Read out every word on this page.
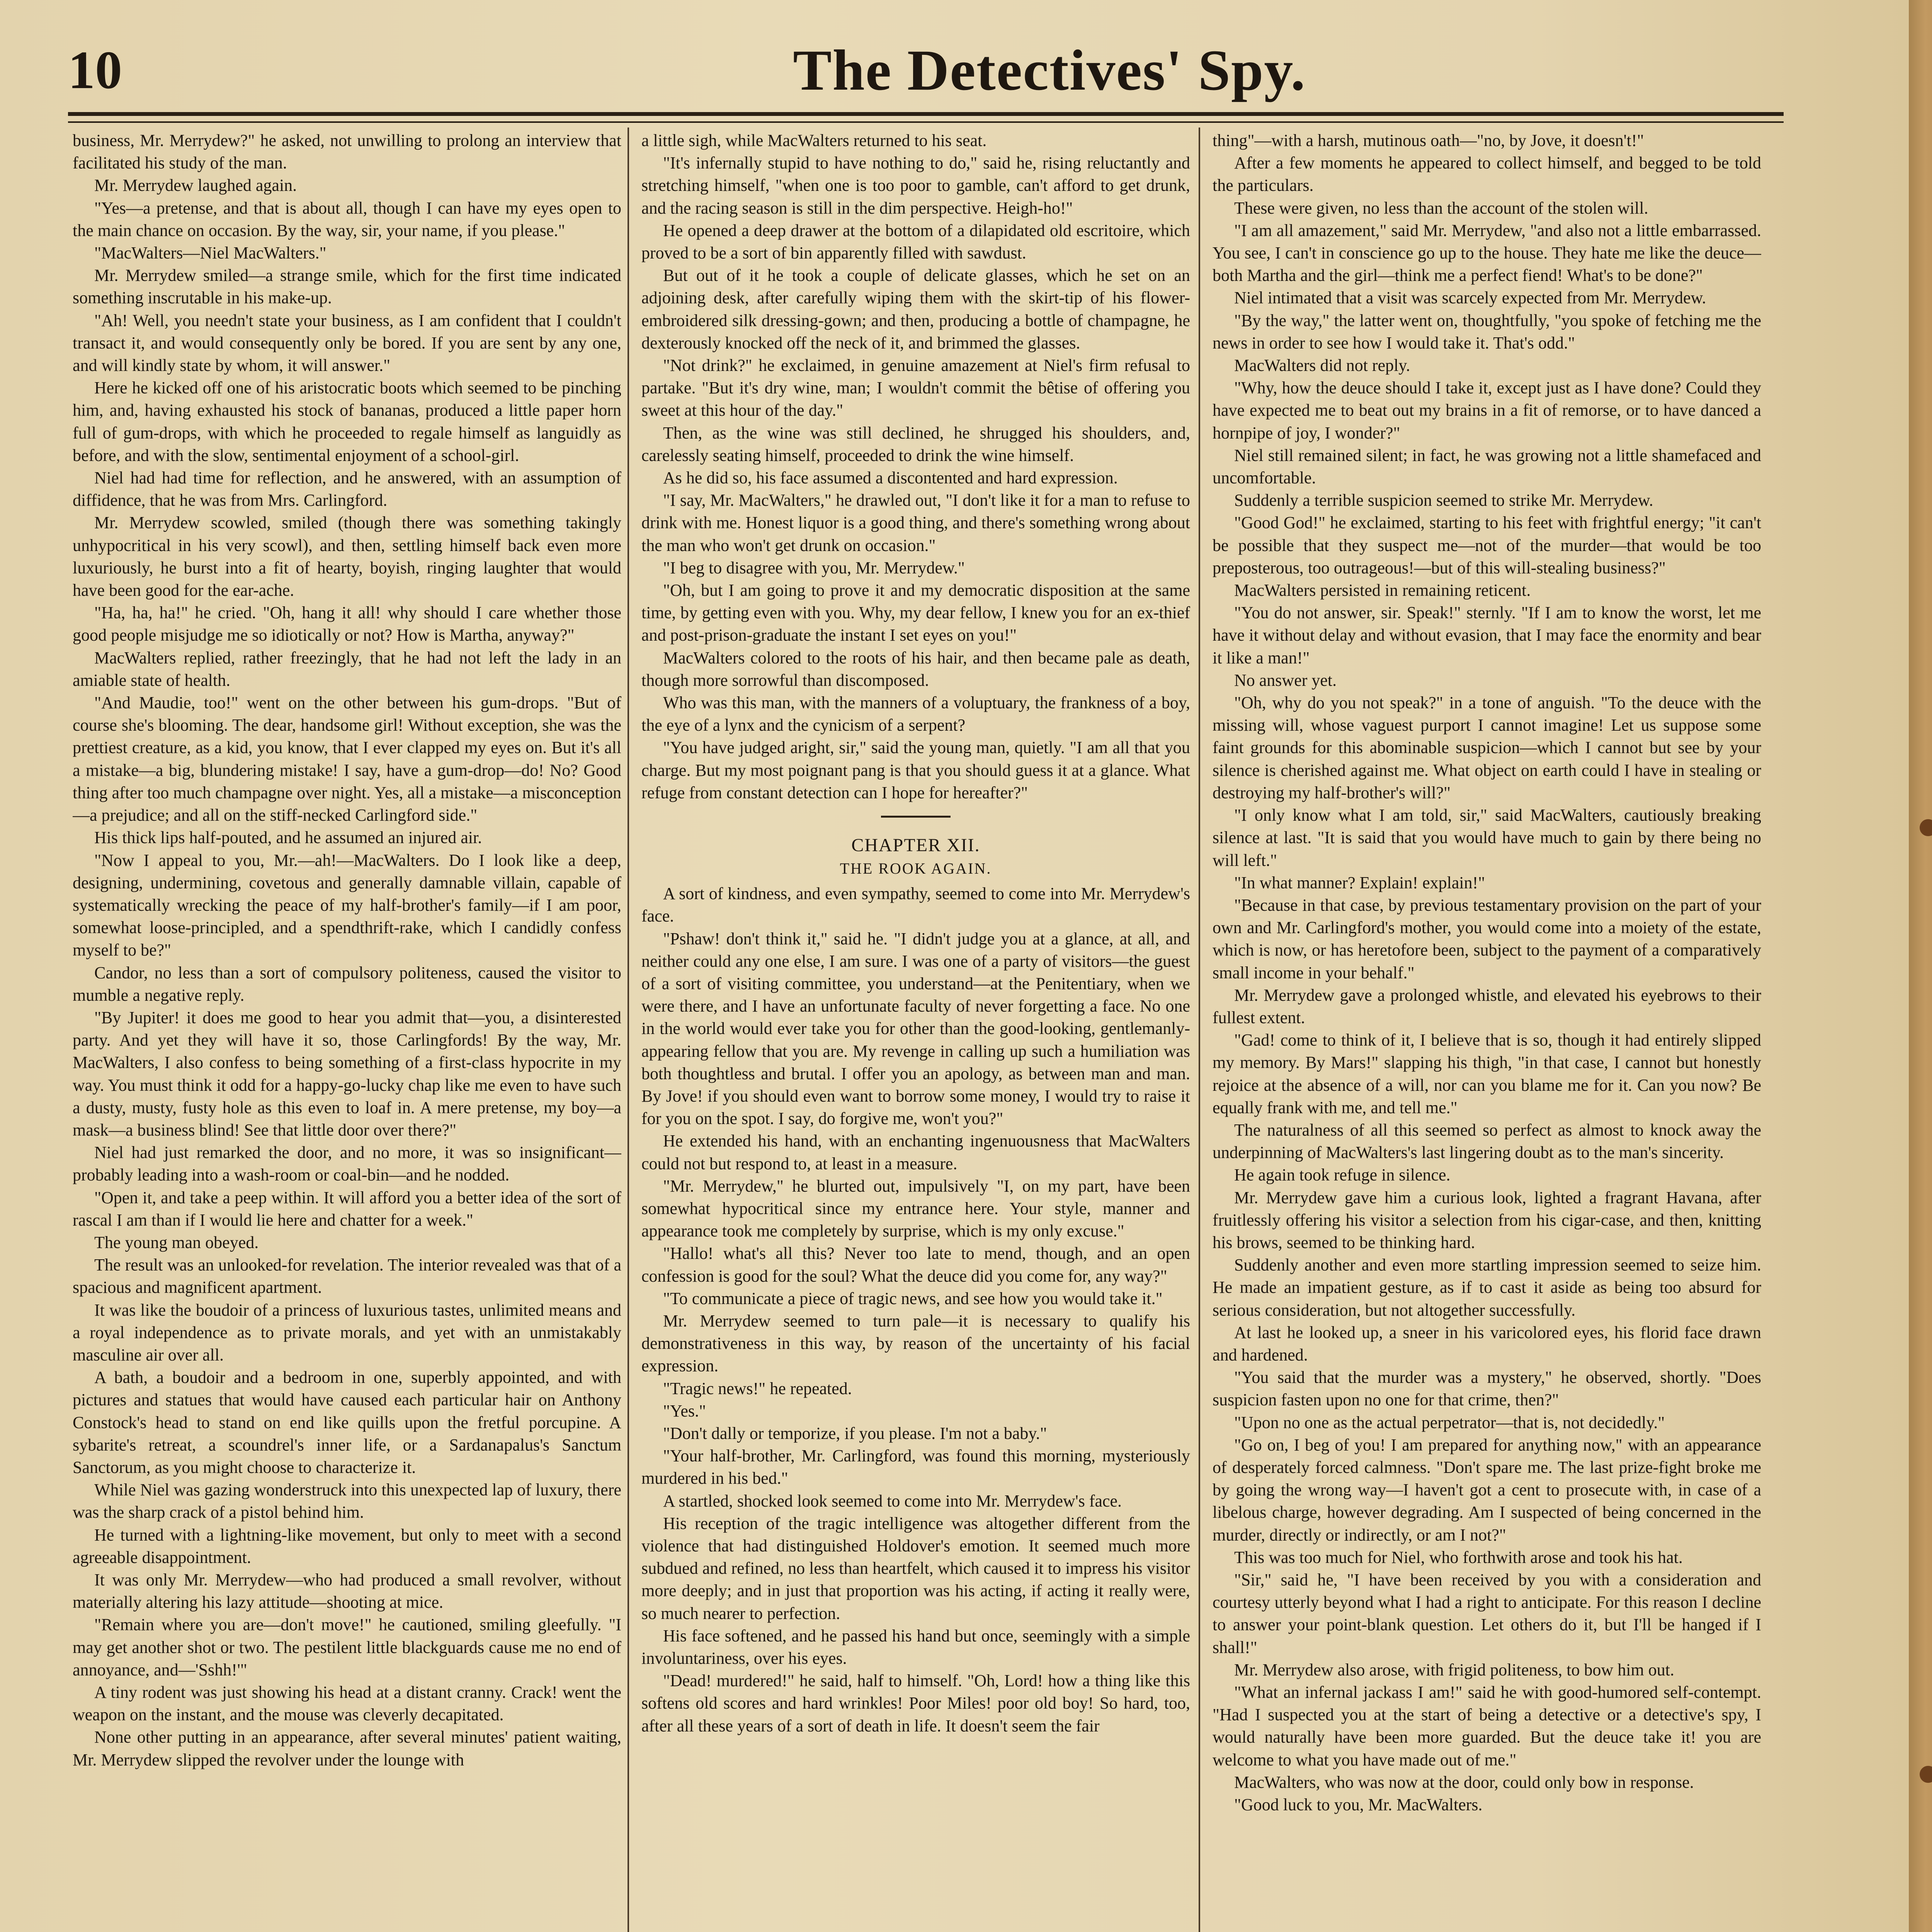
10	The Detectives' Spy.

business, Mr. Merrydew?" he asked, not unwilling to prolong an interview that facilitated his study of the man.

Mr. Merrydew laughed again.

"Yes—a pretense, and that is about all, though I can have my eyes open to the main chance on occasion. By the way, sir, your name, if you please."

"MacWalters—Niel MacWalters."

Mr. Merrydew smiled—a strange smile, which for the first time indicated something inscrutable in his make-up.

"Ah! Well, you needn't state your business, as I am confident that I couldn't transact it, and would consequently only be bored. If you are sent by any one, and will kindly state by whom, it will answer."

Here he kicked off one of his aristocratic boots which seemed to be pinching him, and, having exhausted his stock of bananas, produced a little paper horn full of gum-drops, with which he proceeded to regale himself as languidly as before, and with the slow, sentimental enjoyment of a school-girl.

Niel had had time for reflection, and he answered, with an assumption of diffidence, that he was from Mrs. Carlingford.

Mr. Merrydew scowled, smiled (though there was something takingly unhypocritical in his very scowl), and then, settling himself back even more luxuriously, he burst into a fit of hearty, boyish, ringing laughter that would have been good for the ear-ache.

"Ha, ha, ha!" he cried. "Oh, hang it all! why should I care whether those good people misjudge me so idiotically or not? How is Martha, anyway?"

MacWalters replied, rather freezingly, that he had not left the lady in an amiable state of health.

"And Maudie, too!" went on the other between his gum-drops. "But of course she's blooming. The dear, handsome girl! Without exception, she was the prettiest creature, as a kid, you know, that I ever clapped my eyes on. But it's all a mistake—a big, blundering mistake! I say, have a gum-drop—do! No? Good thing after too much champagne over night. Yes, all a mistake—a misconception—a prejudice; and all on the stiff-necked Carlingford side."

His thick lips half-pouted, and he assumed an injured air.

"Now I appeal to you, Mr.—ah!—MacWalters. Do I look like a deep, designing, undermining, covetous and generally damnable villain, capable of systematically wrecking the peace of my half-brother's family—if I am poor, somewhat loose-principled, and a spendthrift-rake, which I candidly confess myself to be?"

Candor, no less than a sort of compulsory politeness, caused the visitor to mumble a negative reply.

"By Jupiter! it does me good to hear you admit that—you, a disinterested party. And yet they will have it so, those Carlingfords! By the way, Mr. MacWalters, I also confess to being something of a first-class hypocrite in my way. You must think it odd for a happy-go-lucky chap like me even to have such a dusty, musty, fusty hole as this even to loaf in. A mere pretense, my boy—a mask—a business blind! See that little door over there?"

Niel had just remarked the door, and no more, it was so insignificant—probably leading into a wash-room or coal-bin—and he nodded.

"Open it, and take a peep within. It will afford you a better idea of the sort of rascal I am than if I would lie here and chatter for a week."

The young man obeyed.

The result was an unlooked-for revelation. The interior revealed was that of a spacious and magnificent apartment.

It was like the boudoir of a princess of luxurious tastes, unlimited means and a royal independence as to private morals, and yet with an unmistakably masculine air over all.

A bath, a boudoir and a bedroom in one, superbly appointed, and with pictures and statues that would have caused each particular hair on Anthony Constock's head to stand on end like quills upon the fretful porcupine. A sybarite's retreat, a scoundrel's inner life, or a Sardanapalus's Sanctum Sanctorum, as you might choose to characterize it.

While Niel was gazing wonderstruck into this unexpected lap of luxury, there was the sharp crack of a pistol behind him.

He turned with a lightning-like movement, but only to meet with a second agreeable disappointment.

It was only Mr. Merrydew—who had produced a small revolver, without materially altering his lazy attitude—shooting at mice.

"Remain where you are—don't move!" he cautioned, smiling gleefully. "I may get another shot or two. The pestilent little blackguards cause me no end of annoyance, and—'Sshh!'"

A tiny rodent was just showing his head at a distant cranny. Crack! went the weapon on the instant, and the mouse was cleverly decapitated.

None other putting in an appearance, after several minutes' patient waiting, Mr. Merrydew slipped the revolver under the lounge with

a little sigh, while MacWalters returned to his seat.

"It's infernally stupid to have nothing to do," said he, rising reluctantly and stretching himself, "when one is too poor to gamble, can't afford to get drunk, and the racing season is still in the dim perspective. Heigh-ho!"

He opened a deep drawer at the bottom of a dilapidated old escritoire, which proved to be a sort of bin apparently filled with sawdust.

But out of it he took a couple of delicate glasses, which he set on an adjoining desk, after carefully wiping them with the skirt-tip of his flower-embroidered silk dressing-gown; and then, producing a bottle of champagne, he dexterously knocked off the neck of it, and brimmed the glasses.

"Not drink?" he exclaimed, in genuine amazement at Niel's firm refusal to partake. "But it's dry wine, man; I wouldn't commit the bêtise of offering you sweet at this hour of the day."

Then, as the wine was still declined, he shrugged his shoulders, and, carelessly seating himself, proceeded to drink the wine himself.

As he did so, his face assumed a discontented and hard expression.

"I say, Mr. MacWalters," he drawled out, "I don't like it for a man to refuse to drink with me. Honest liquor is a good thing, and there's something wrong about the man who won't get drunk on occasion."

"I beg to disagree with you, Mr. Merrydew."

"Oh, but I am going to prove it and my democratic disposition at the same time, by getting even with you. Why, my dear fellow, I knew you for an ex-thief and post-prison-graduate the instant I set eyes on you!"

MacWalters colored to the roots of his hair, and then became pale as death, though more sorrowful than discomposed.

Who was this man, with the manners of a voluptuary, the frankness of a boy, the eye of a lynx and the cynicism of a serpent?

"You have judged aright, sir," said the young man, quietly. "I am all that you charge. But my most poignant pang is that you should guess it at a glance. What refuge from constant detection can I hope for hereafter?"

CHAPTER XII.
THE ROOK AGAIN.

A sort of kindness, and even sympathy, seemed to come into Mr. Merrydew's face.

"Pshaw! don't think it," said he. "I didn't judge you at a glance, at all, and neither could any one else, I am sure. I was one of a party of visitors—the guest of a sort of visiting committee, you understand—at the Penitentiary, when we were there, and I have an unfortunate faculty of never forgetting a face. No one in the world would ever take you for other than the good-looking, gentlemanly-appearing fellow that you are. My revenge in calling up such a humiliation was both thoughtless and brutal. I offer you an apology, as between man and man. By Jove! if you should even want to borrow some money, I would try to raise it for you on the spot. I say, do forgive me, won't you?"

He extended his hand, with an enchanting ingenuousness that MacWalters could not but respond to, at least in a measure.

"Mr. Merrydew," he blurted out, impulsively "I, on my part, have been somewhat hypocritical since my entrance here. Your style, manner and appearance took me completely by surprise, which is my only excuse."

"Hallo! what's all this? Never too late to mend, though, and an open confession is good for the soul? What the deuce did you come for, any way?"

"To communicate a piece of tragic news, and see how you would take it."

Mr. Merrydew seemed to turn pale—it is necessary to qualify his demonstrativeness in this way, by reason of the uncertainty of his facial expression.

"Tragic news!" he repeated.

"Yes."

"Don't dally or temporize, if you please. I'm not a baby."

"Your half-brother, Mr. Carlingford, was found this morning, mysteriously murdered in his bed."

A startled, shocked look seemed to come into Mr. Merrydew's face.

His reception of the tragic intelligence was altogether different from the violence that had distinguished Holdover's emotion. It seemed much more subdued and refined, no less than heartfelt, which caused it to impress his visitor more deeply; and in just that proportion was his acting, if acting it really were, so much nearer to perfection.

His face softened, and he passed his hand but once, seemingly with a simple involuntariness, over his eyes.

"Dead! murdered!" he said, half to himself. "Oh, Lord! how a thing like this softens old scores and hard wrinkles! Poor Miles! poor old boy! So hard, too, after all these years of a sort of death in life. It doesn't seem the fair

thing"—with a harsh, mutinous oath—"no, by Jove, it doesn't!"

After a few moments he appeared to collect himself, and begged to be told the particulars.

These were given, no less than the account of the stolen will.

"I am all amazement," said Mr. Merrydew, "and also not a little embarrassed. You see, I can't in conscience go up to the house. They hate me like the deuce—both Martha and the girl—think me a perfect fiend! What's to be done?"

Niel intimated that a visit was scarcely expected from Mr. Merrydew.

"By the way," the latter went on, thoughtfully, "you spoke of fetching me the news in order to see how I would take it. That's odd."

MacWalters did not reply.

"Why, how the deuce should I take it, except just as I have done? Could they have expected me to beat out my brains in a fit of remorse, or to have danced a hornpipe of joy, I wonder?"

Niel still remained silent; in fact, he was growing not a little shamefaced and uncomfortable.

Suddenly a terrible suspicion seemed to strike Mr. Merrydew.

"Good God!" he exclaimed, starting to his feet with frightful energy; "it can't be possible that they suspect me—not of the murder—that would be too preposterous, too outrageous!—but of this will-stealing business?"

MacWalters persisted in remaining reticent.

"You do not answer, sir. Speak!" sternly. "If I am to know the worst, let me have it without delay and without evasion, that I may face the enormity and bear it like a man!"

No answer yet.

"Oh, why do you not speak?" in a tone of anguish. "To the deuce with the missing will, whose vaguest purport I cannot imagine! Let us suppose some faint grounds for this abominable suspicion—which I cannot but see by your silence is cherished against me. What object on earth could I have in stealing or destroying my half-brother's will?"

"I only know what I am told, sir," said MacWalters, cautiously breaking silence at last. "It is said that you would have much to gain by there being no will left."

"In what manner? Explain! explain!"

"Because in that case, by previous testamentary provision on the part of your own and Mr. Carlingford's mother, you would come into a moiety of the estate, which is now, or has heretofore been, subject to the payment of a comparatively small income in your behalf."

Mr. Merrydew gave a prolonged whistle, and elevated his eyebrows to their fullest extent.

"Gad! come to think of it, I believe that is so, though it had entirely slipped my memory. By Mars!" slapping his thigh, "in that case, I cannot but honestly rejoice at the absence of a will, nor can you blame me for it. Can you now? Be equally frank with me, and tell me."

The naturalness of all this seemed so perfect as almost to knock away the underpinning of MacWalters's last lingering doubt as to the man's sincerity.

He again took refuge in silence.

Mr. Merrydew gave him a curious look, lighted a fragrant Havana, after fruitlessly offering his visitor a selection from his cigar-case, and then, knitting his brows, seemed to be thinking hard.

Suddenly another and even more startling impression seemed to seize him. He made an impatient gesture, as if to cast it aside as being too absurd for serious consideration, but not altogether successfully.

At last he looked up, a sneer in his varicolored eyes, his florid face drawn and hardened.

"You said that the murder was a mystery," he observed, shortly. "Does suspicion fasten upon no one for that crime, then?"

"Upon no one as the actual perpetrator—that is, not decidedly."

"Go on, I beg of you! I am prepared for anything now," with an appearance of desperately forced calmness. "Don't spare me. The last prize-fight broke me by going the wrong way—I haven't got a cent to prosecute with, in case of a libelous charge, however degrading. Am I suspected of being concerned in the murder, directly or indirectly, or am I not?"

This was too much for Niel, who forthwith arose and took his hat.

"Sir," said he, "I have been received by you with a consideration and courtesy utterly beyond what I had a right to anticipate. For this reason I decline to answer your point-blank question. Let others do it, but I'll be hanged if I shall!"

Mr. Merrydew also arose, with frigid politeness, to bow him out.

"What an infernal jackass I am!" said he with good-humored self-contempt. "Had I suspected you at the start of being a detective or a detective's spy, I would naturally have been more guarded. But the deuce take it! you are welcome to what you have made out of me."

MacWalters, who was now at the door, could only bow in response.

"Good luck to you, Mr. MacWalters.
